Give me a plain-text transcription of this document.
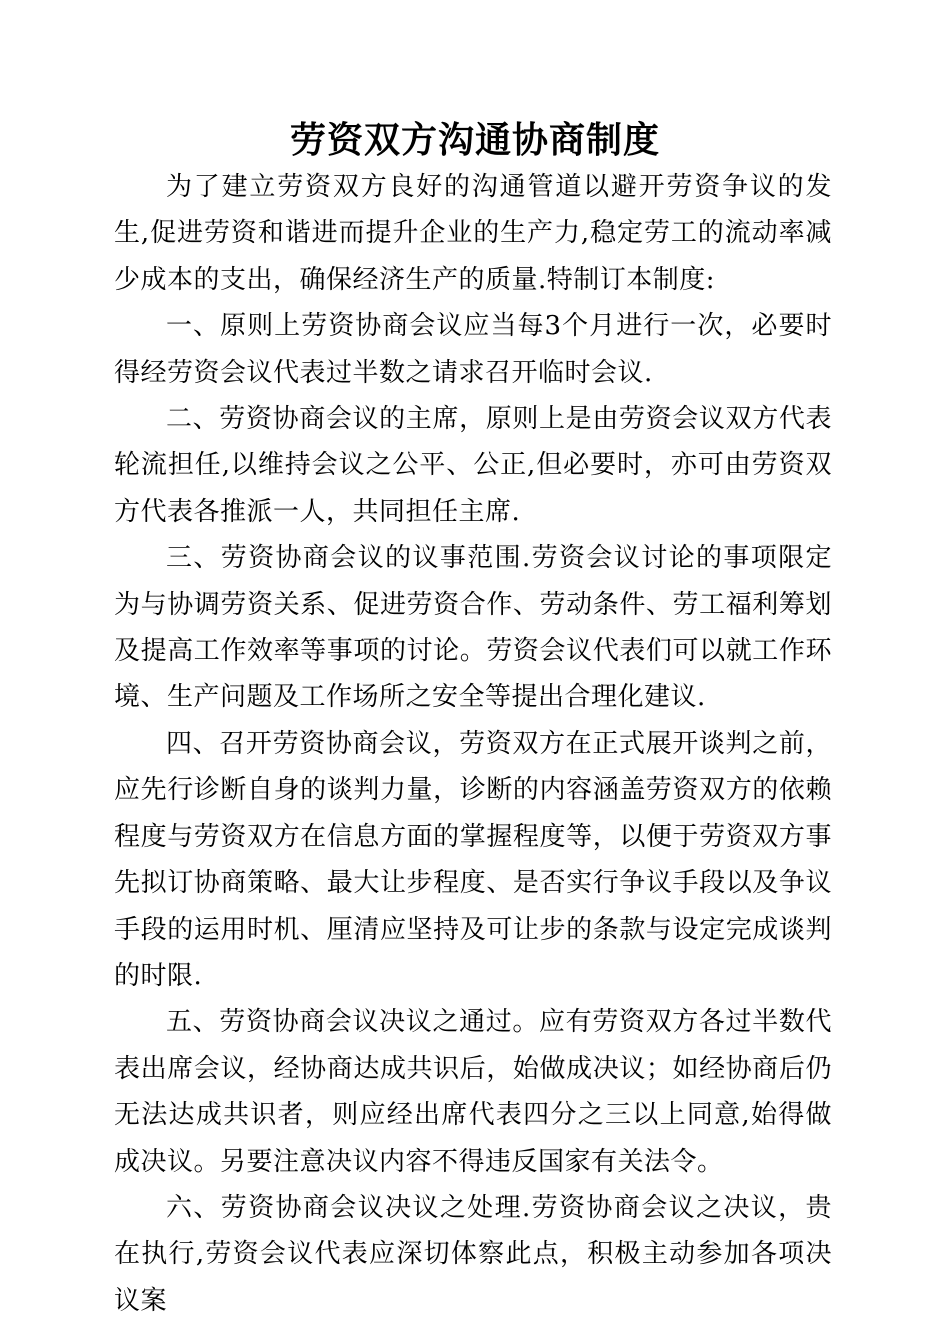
劳资双方沟通协商制度

为了建立劳资双方良好的沟通管道以避开劳资争议的发生,促进劳资和谐进而提升企业的生产力,稳定劳工的流动率减少成本的支出，确保经济生产的质量.特制订本制度:

一、原则上劳资协商会议应当每3个月进行一次，必要时得经劳资会议代表过半数之请求召开临时会议.

二、劳资协商会议的主席，原则上是由劳资会议双方代表轮流担任,以维持会议之公平、公正,但必要时，亦可由劳资双方代表各推派一人，共同担任主席.

三、劳资协商会议的议事范围.劳资会议讨论的事项限定为与协调劳资关系、促进劳资合作、劳动条件、劳工福利筹划及提高工作效率等事项的讨论。劳资会议代表们可以就工作环境、生产问题及工作场所之安全等提出合理化建议.

四、召开劳资协商会议，劳资双方在正式展开谈判之前，应先行诊断自身的谈判力量，诊断的内容涵盖劳资双方的依赖程度与劳资双方在信息方面的掌握程度等，以便于劳资双方事先拟订协商策略、最大让步程度、是否实行争议手段以及争议手段的运用时机、厘清应坚持及可让步的条款与设定完成谈判的时限.

五、劳资协商会议决议之通过。应有劳资双方各过半数代表出席会议，经协商达成共识后，始做成决议；如经协商后仍无法达成共识者，则应经出席代表四分之三以上同意,始得做成决议。另要注意决议内容不得违反国家有关法令。

六、劳资协商会议决议之处理.劳资协商会议之决议，贵在执行,劳资会议代表应深切体察此点，积极主动参加各项决议案
